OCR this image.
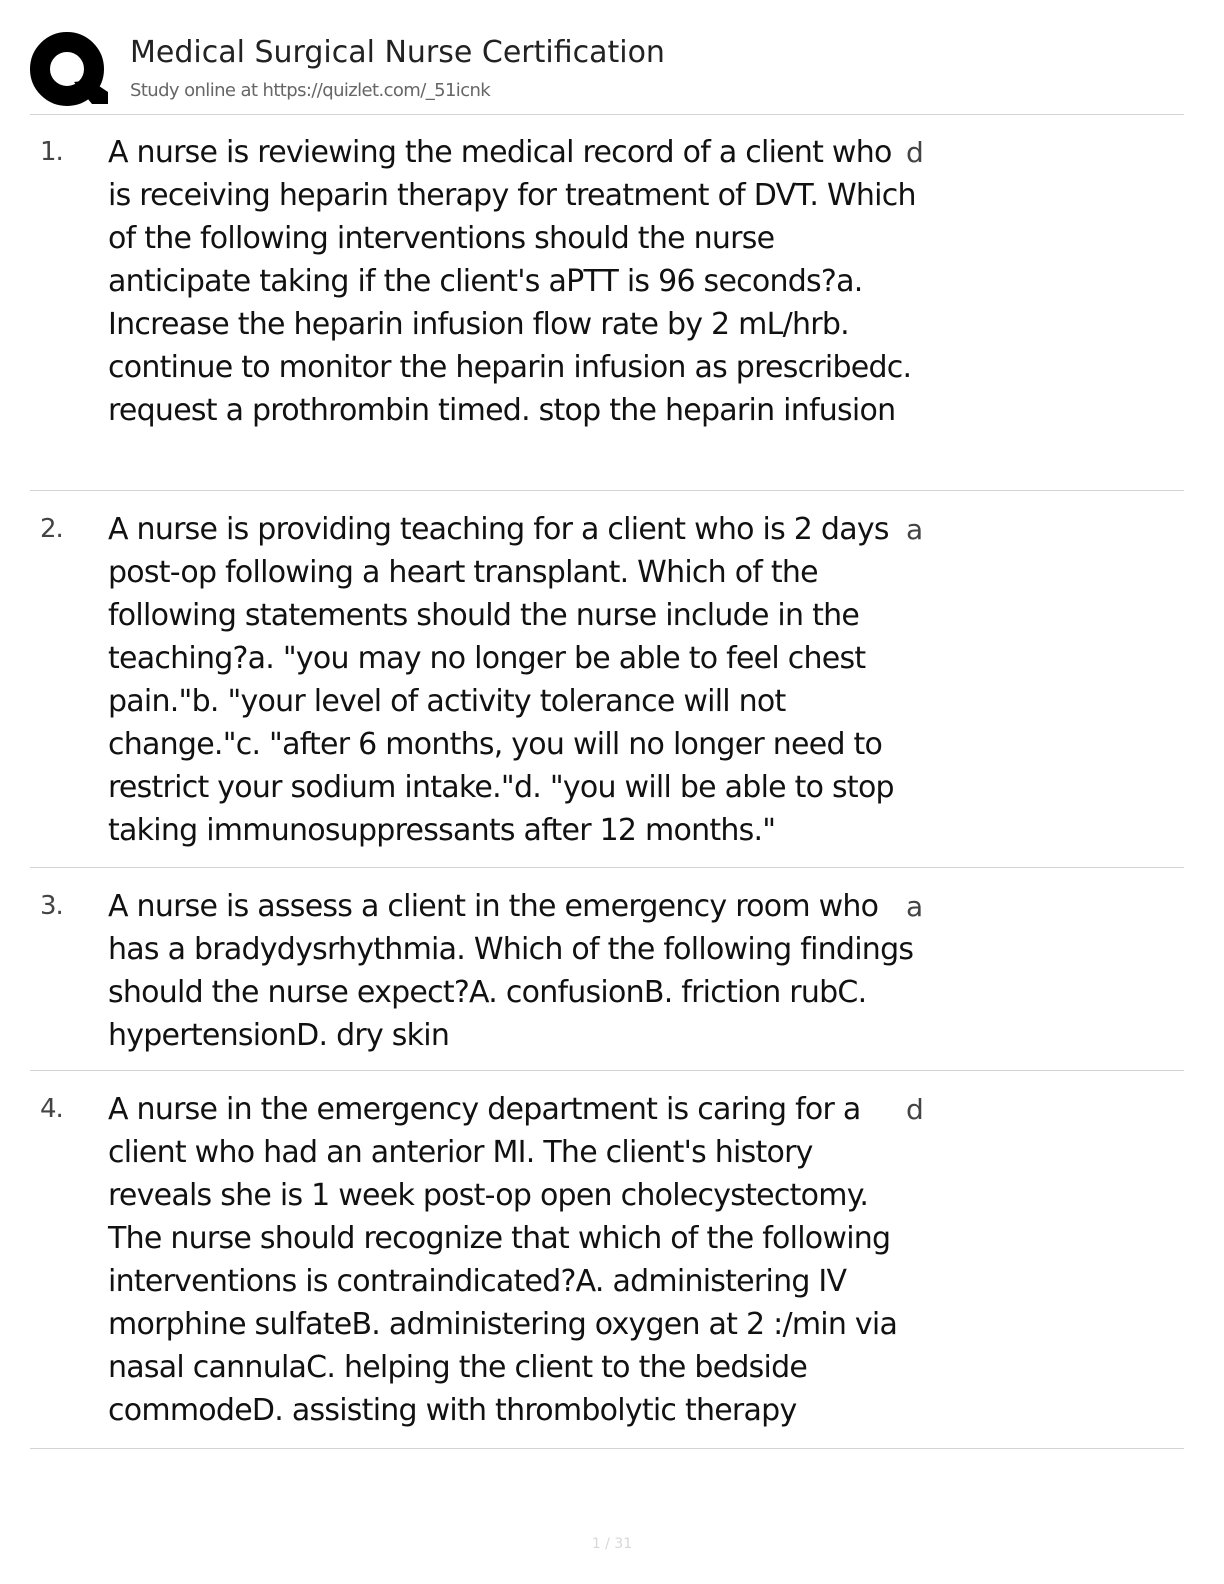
Medical Surgical Nurse Certification
Study online at https://quizlet.com/_51icnk
1. A nurse is reviewing the medical record of a client who is receiving heparin therapy for treatment of DVT. Which of the following interventions should the nurse anticipate taking if the client's aPTT is 96 seconds?a. Increase the heparin infusion flow rate by 2 mL/hrb. continue to monitor the heparin infusion as prescribedc. request a prothrombin timed. stop the heparin infusion
d
2. A nurse is providing teaching for a client who is 2 days post-op following a heart transplant. Which of the following statements should the nurse include in the teaching?a. "you may no longer be able to feel chest pain."b. "your level of activity tolerance will not change."c. "after 6 months, you will no longer need to restrict your sodium intake."d. "you will be able to stop taking immunosuppressants after 12 months."
a
3. A nurse is assess a client in the emergency room who has a bradydysrhythmia. Which of the following findings should the nurse expect?A. confusionB. friction rubC. hypertensionD. dry skin
a
4. A nurse in the emergency department is caring for a client who had an anterior MI. The client's history reveals she is 1 week post-op open cholecystectomy. The nurse should recognize that which of the following interventions is contraindicated?A. administering IV morphine sulfateB. administering oxygen at 2 :/min via nasal cannulaC. helping the client to the bedside commodeD. assisting with thrombolytic therapy
d
1 / 31
